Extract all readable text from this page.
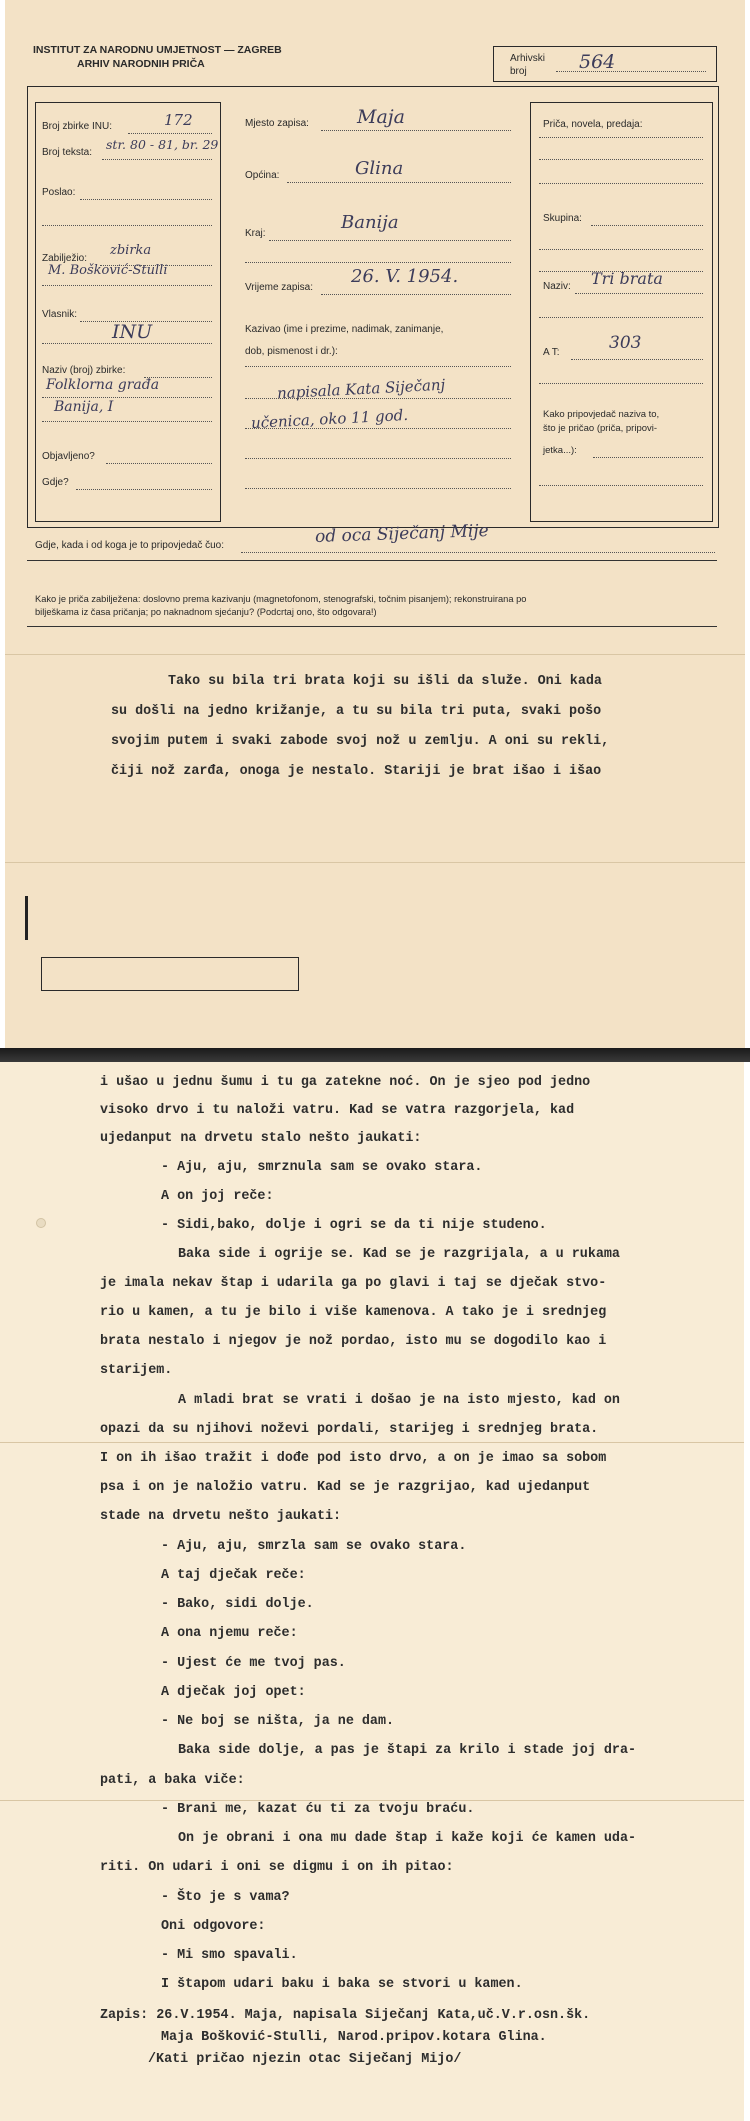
INSTITUT ZA NARODNU UMJETNOST — ZAGREB
ARHIV NARODNIH PRIČA	Arhivski
broj	564
Broj zbirke INU:	172
Broj teksta:
str. 80 - 81, br. 29
Poslao:
Zabilježio:
zbirka
M. Bošković-Stulli
Vlasnik:
INU
Naziv (broj) zbirke:
Folklorna građa
Banija, I
Objavljeno?
Gdje?
Mjesto zapisa:	Maja
Općina:	Glina
Kraj:
Banija
Vrijeme zapisa:
26. V. 1954.
Kazivao (ime i prezime, nadimak, zanimanje,
dob, pismenost i dr.):
napisala Kata Siječanj
učenica, oko 11 god.
Priča, novela, predaja:
Skupina:
Naziv: Tri brata
A T:	303
Kako pripovjedač naziva to,
što je pričao (priča, pripovi-
jetka...):
Gdje, kada i od koga je to pripovjedač čuo:	od oca Siječanj Mije
Kako je priča zabilježena: doslovno prema kazivanju (magnetofonom, stenografski, točnim pisanjem); rekonstruirana po
bilješkama iz časa pričanja; po naknadnom sjećanju? (Podcrtaj ono, što odgovara!)
Tako su bila tri brata koji su išli da služe. Oni kada
su došli na jedno križanje, a tu su bila tri puta, svaki pošo
svojim putem i svaki zabode svoj nož u zemlju. A oni su rekli,
čiji nož zarđa, onoga je nestalo. Stariji je brat išao i išao
i ušao u jednu šumu i tu ga zatekne noć. On je sjeo pod jedno
visoko drvo i tu naloži vatru. Kad se vatra razgorjela, kad
ujedanput na drvetu stalo nešto jaukati:
- Aju, aju, smrznula sam se ovako stara.
A on joj reče:
- Sidi,bako, dolje i ogri se da ti nije studeno.
Baka side i ogrije se. Kad se je razgrijala, a u rukama
je imala nekav štap i udarila ga po glavi i taj se dječak stvo-
rio u kamen, a tu je bilo i više kamenova. A tako je i srednjeg
brata nestalo i njegov je nož pordao, isto mu se dogodilo kao i
starijem.
A mladi brat se vrati i došao je na isto mjesto, kad on
opazi da su njihovi noževi pordali, starijeg i srednjeg brata.
I on ih išao tražit i dođe pod isto drvo, a on je imao sa sobom
psa i on je naložio vatru. Kad se je razgrijao, kad ujedanput
stade na drvetu nešto jaukati:
- Aju, aju, smrzla sam se ovako stara.
A taj dječak reče:
- Bako, sidi dolje.
A ona njemu reče:
- Ujest će me tvoj pas.
A dječak joj opet:
- Ne boj se ništa, ja ne dam.
Baka side dolje, a pas je štapi za krilo i stade joj dra-
pati, a baka viče:
- Brani me, kazat ću ti za tvoju braću.
On je obrani i ona mu dade štap i kaže koji će kamen uda-
riti. On udari i oni se digmu i on ih pitao:
- Što je s vama?
Oni odgovore:
- Mi smo spavali.
I štapom udari baku i baka se stvori u kamen.
Zapis: 26.V.1954. Maja, napisala Siječanj Kata,uč.V.r.osn.šk.
Maja Bošković-Stulli, Narod.pripov.kotara Glina.
/Kati pričao njezin otac Siječanj Mijo/
